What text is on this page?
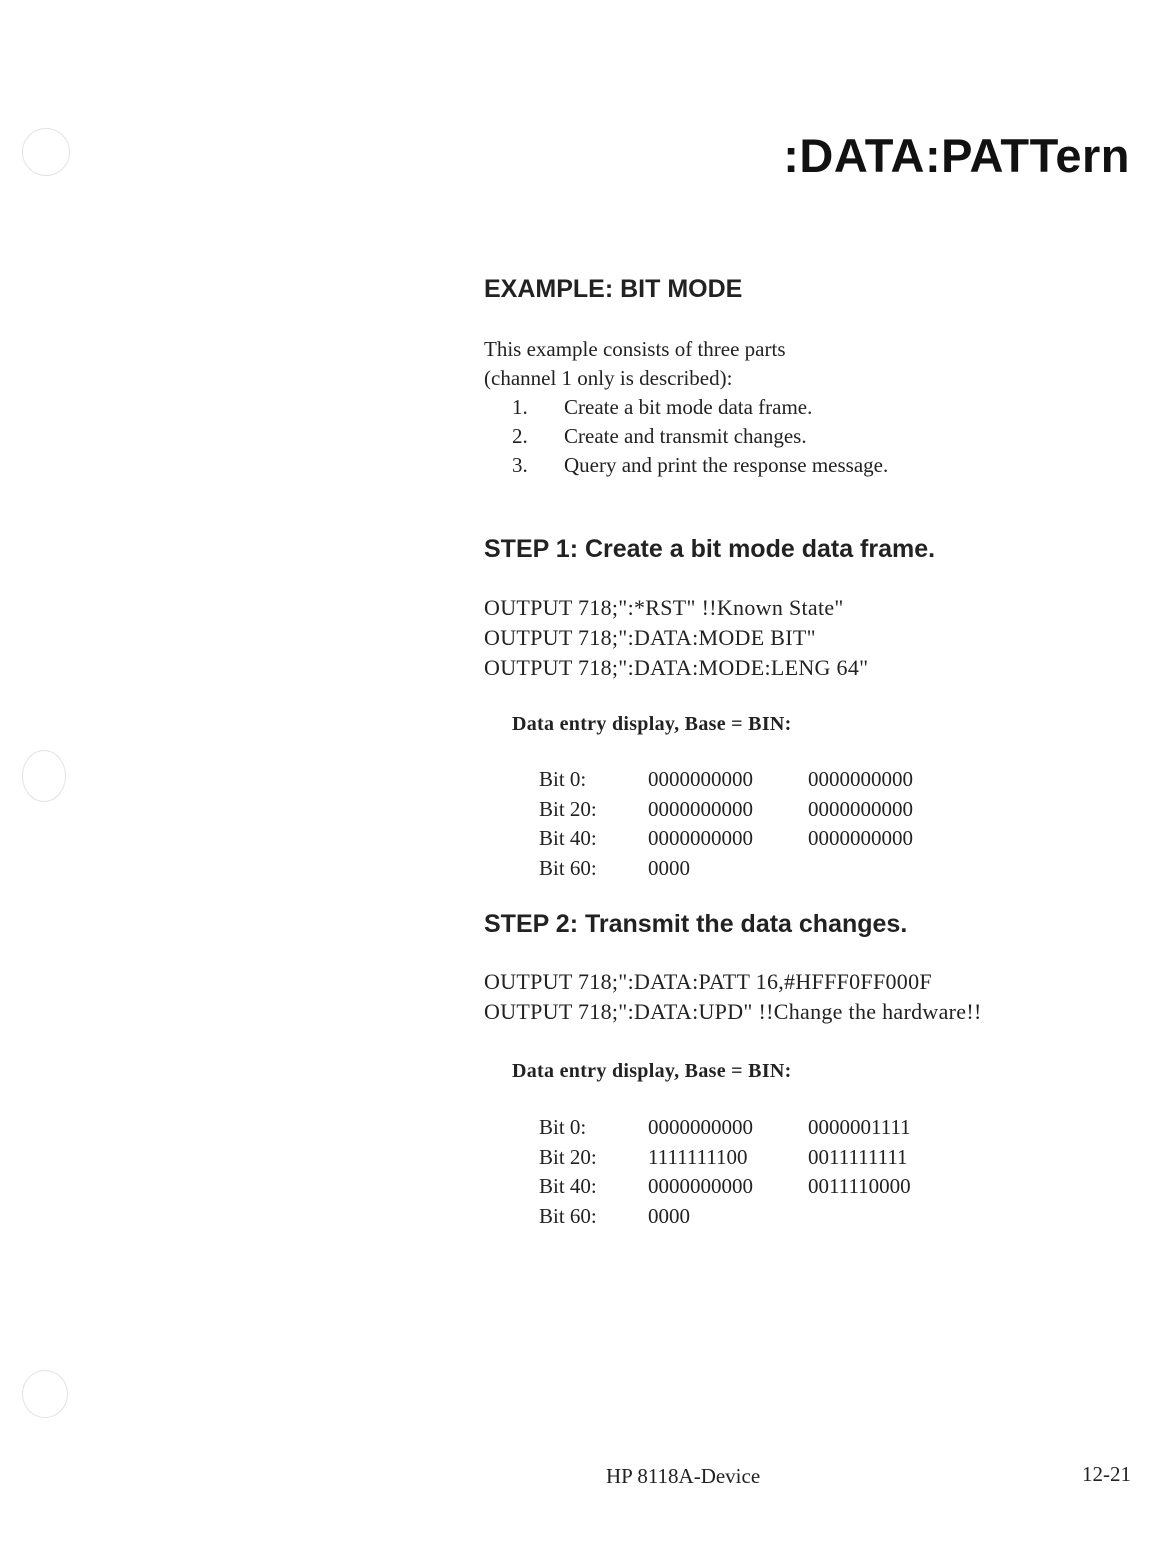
:DATA:PATTern
EXAMPLE: BIT MODE
This example consists of three parts
(channel 1 only is described):
1. Create a bit mode data frame.
2. Create and transmit changes.
3. Query and print the response message.
STEP 1: Create a bit mode data frame.
OUTPUT 718;":*RST" !!Known State"
OUTPUT 718;":DATA:MODE BIT"
OUTPUT 718;":DATA:MODE:LENG 64"
Data entry display, Base = BIN:
Bit 0:	0000000000	0000000000
Bit 20:	0000000000	0000000000
Bit 40:	0000000000	0000000000
Bit 60:	0000	
STEP 2: Transmit the data changes.
OUTPUT 718;":DATA:PATT 16,#HFFF0FF000F
OUTPUT 718;":DATA:UPD" !!Change the hardware!!
Data entry display, Base = BIN:
Bit 0:	0000000000	0000001111
Bit 20:	1111111100	0011111111
Bit 40:	0000000000	0011110000
Bit 60:	0000	
HP 8118A-Device	12-21
